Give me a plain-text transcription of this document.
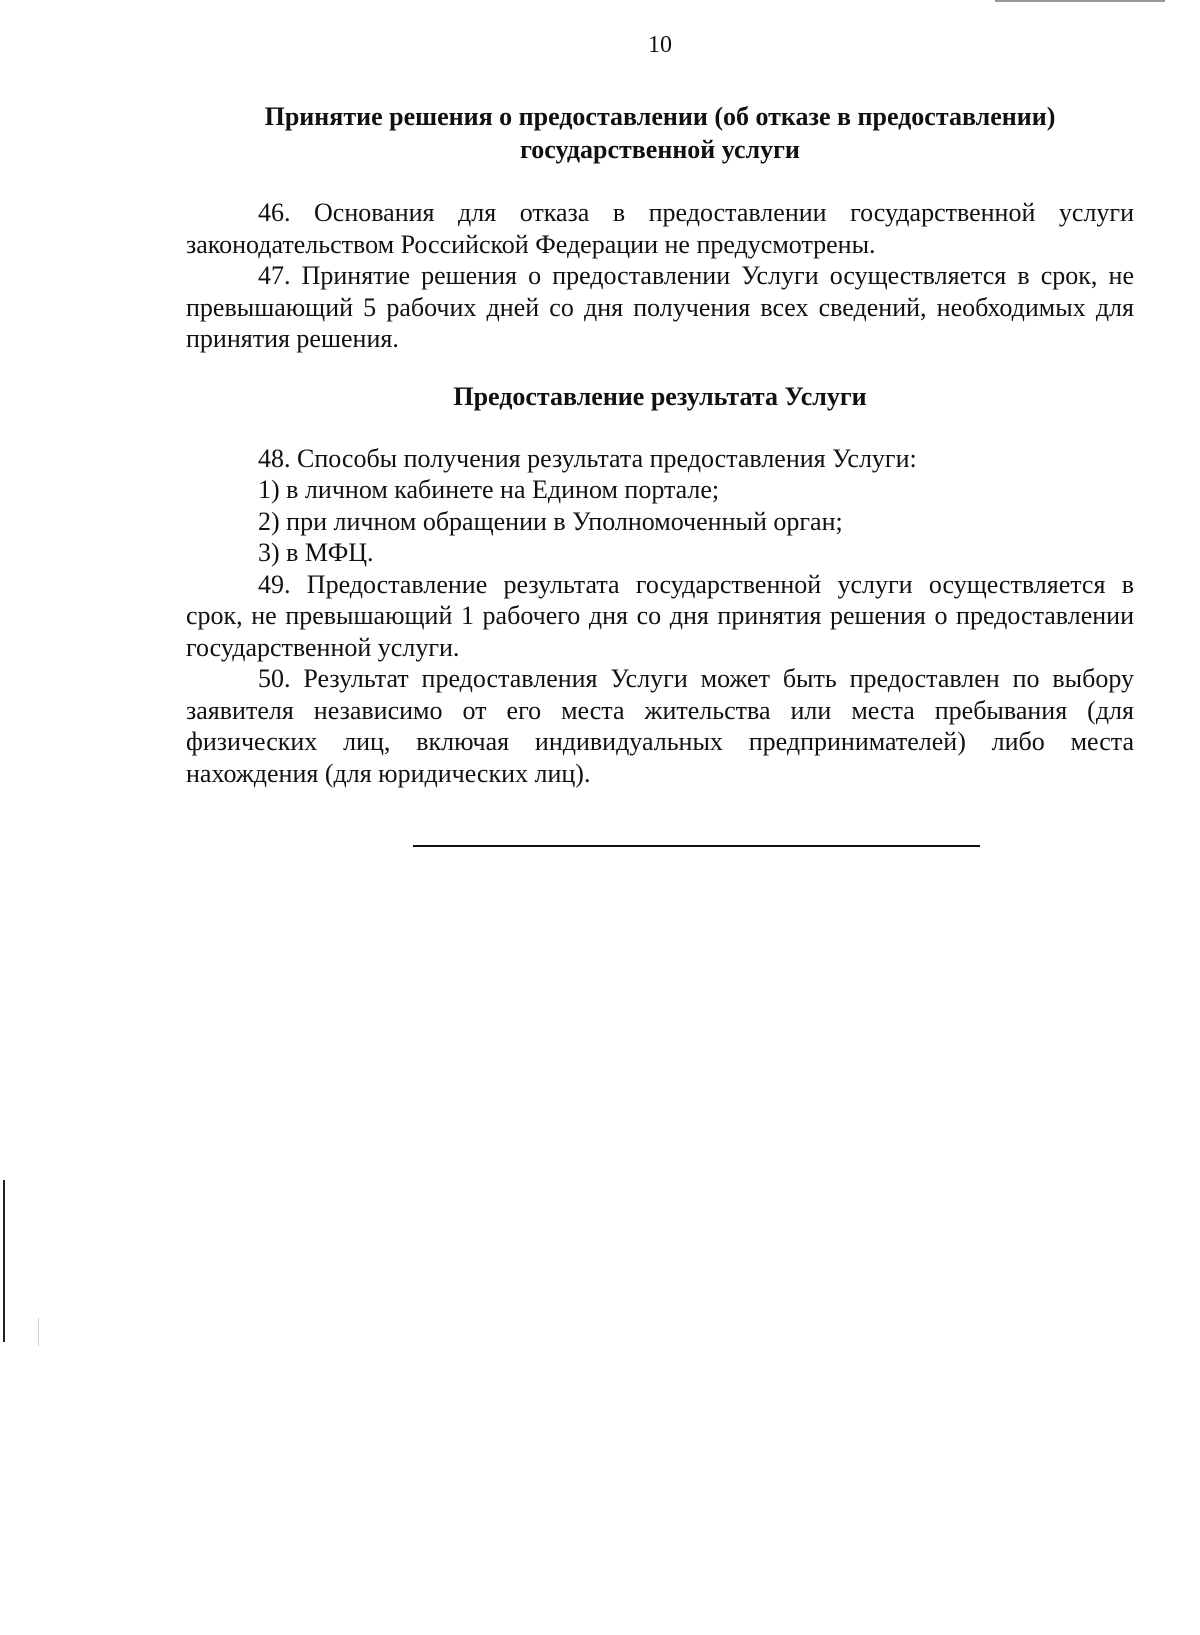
10
Принятие решения о предоставлении (об отказе в предоставлении) государственной услуги

46. Основания для отказа в предоставлении государственной услуги законодательством Российской Федерации не предусмотрены.

47. Принятие решения о предоставлении Услуги осуществляется в срок, не превышающий 5 рабочих дней со дня получения всех сведений, необходимых для принятия решения.

Предоставление результата Услуги

48. Способы получения результата предоставления Услуги:

1) в личном кабинете на Едином портале;

2) при личном обращении в Уполномоченный орган;

3) в МФЦ.

49. Предоставление результата государственной услуги осуществляется в срок, не превышающий 1 рабочего дня со дня принятия решения о предоставлении государственной услуги.

50. Результат предоставления Услуги может быть предоставлен по выбору заявителя независимо от его места жительства или места пребывания (для физических лиц, включая индивидуальных предпринимателей) либо места нахождения (для юридических лиц).
